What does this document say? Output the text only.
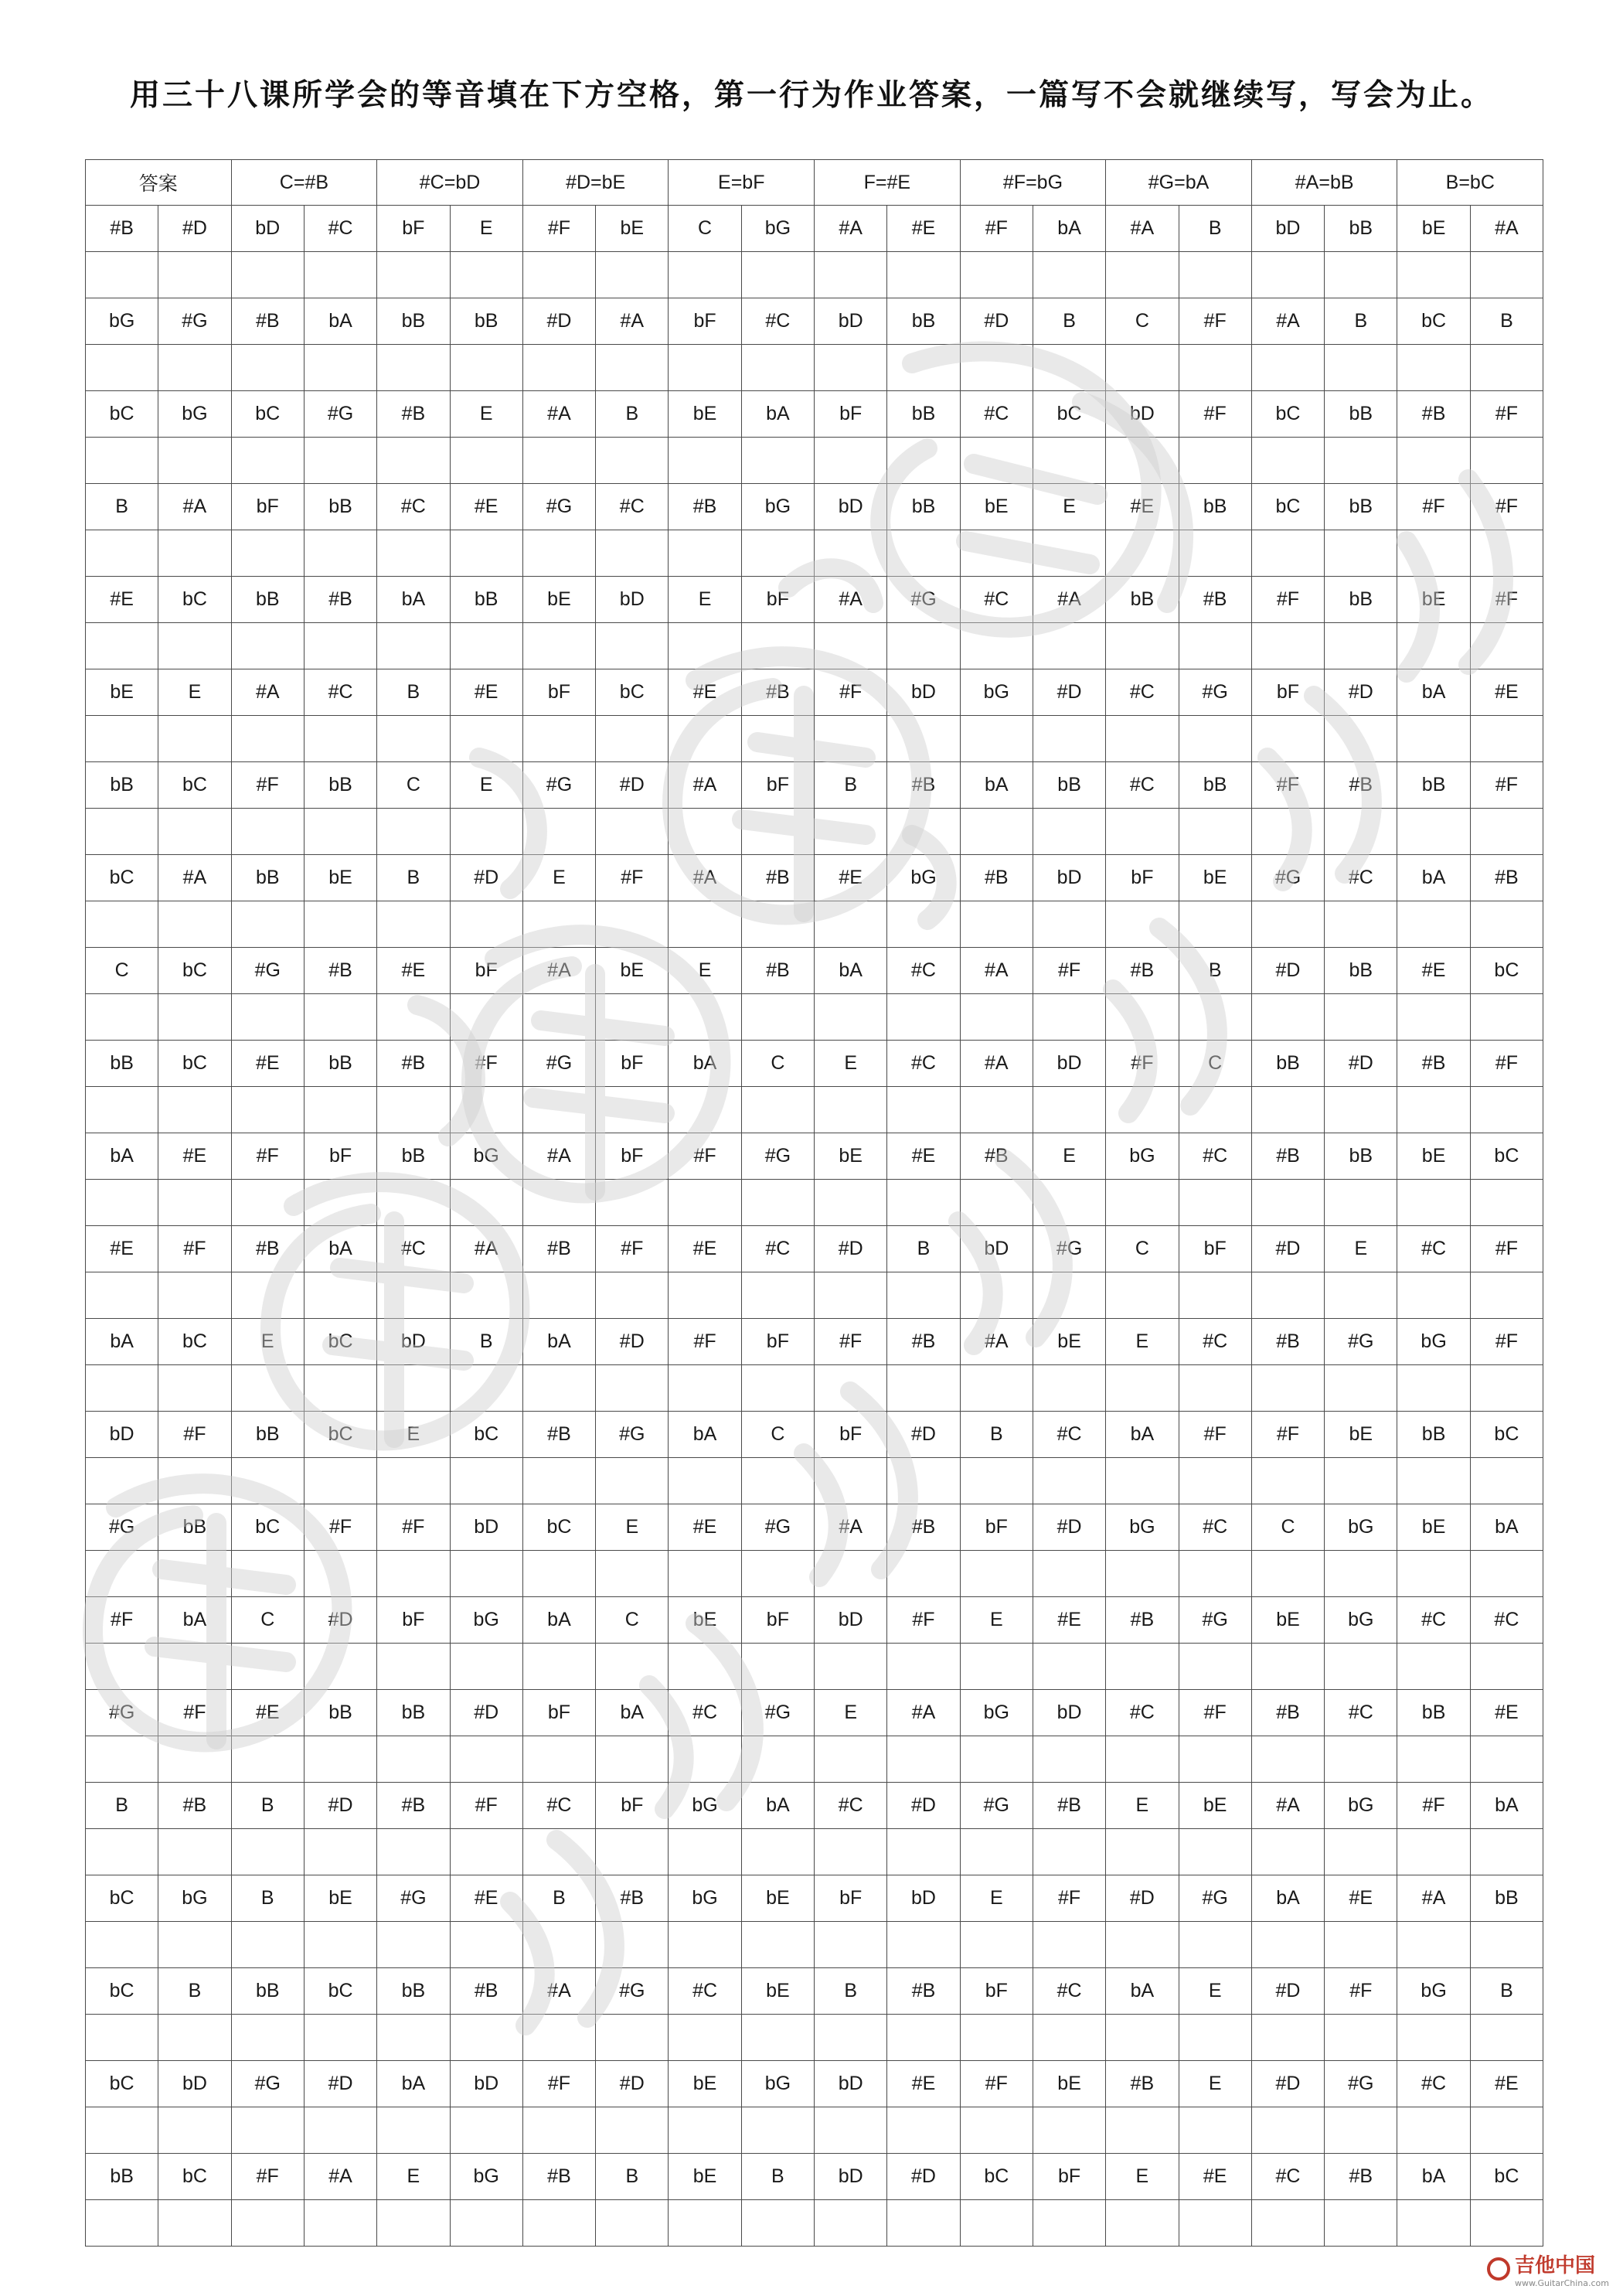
用三十八课所学会的等音填在下方空格，第一行为作业答案，一篇写不会就继续写，写会为止。
答案		C=#B		#C=bD		#D=bE		E=bF		F=#E		#F=bG		#G=bA		#A=bB		B=bC	
#B	#D	bD	#C	bF	E	#F	bE	C	bG	#A	#E	#F	bA	#A	B	bD	bB	bE	#A

bG	#G	#B	bA	bB	bB	#D	#A	bF	#C	bD	bB	#D	B	C	#F	#A	B	bC	B

bC	bG	bC	#G	#B	E	#A	B	bE	bA	bF	bB	#C	bC	bD	#F	bC	bB	#B	#F

B	#A	bF	bB	#C	#E	#G	#C	#B	bG	bD	bB	bE	E	#E	bB	bC	bB	#F	#F

#E	bC	bB	#B	bA	bB	bE	bD	E	bF	#A	#G	#C	#A	bB	#B	#F	bB	bE	#F

bE	E	#A	#C	B	#E	bF	bC	#E	#B	#F	bD	bG	#D	#C	#G	bF	#D	bA	#E

bB	bC	#F	bB	C	E	#G	#D	#A	bF	B	#B	bA	bB	#C	bB	#F	#B	bB	#F

bC	#A	bB	bE	B	#D	E	#F	#A	#B	#E	bG	#B	bD	bF	bE	#G	#C	bA	#B

C	bC	#G	#B	#E	bF	#A	bE	E	#B	bA	#C	#A	#F	#B	B	#D	bB	#E	bC

bB	bC	#E	bB	#B	#F	#G	bF	bA	C	E	#C	#A	bD	#F	C	bB	#D	#B	#F

bA	#E	#F	bF	bB	bG	#A	bF	#F	#G	bE	#E	#B	E	bG	#C	#B	bB	bE	bC

#E	#F	#B	bA	#C	#A	#B	#F	#E	#C	#D	B	bD	#G	C	bF	#D	E	#C	#F

bA	bC	E	bC	bD	B	bA	#D	#F	bF	#F	#B	#A	bE	E	#C	#B	#G	bG	#F

bD	#F	bB	bC	E	bC	#B	#G	bA	C	bF	#D	B	#C	bA	#F	#F	bE	bB	bC

#G	bB	bC	#F	#F	bD	bC	E	#E	#G	#A	#B	bF	#D	bG	#C	C	bG	bE	bA

#F	bA	C	#D	bF	bG	bA	C	bE	bF	bD	#F	E	#E	#B	#G	bE	bG	#C	#C

#G	#F	#E	bB	bB	#D	bF	bA	#C	#G	E	#A	bG	bD	#C	#F	#B	#C	bB	#E

B	#B	B	#D	#B	#F	#C	bF	bG	bA	#C	#D	#G	#B	E	bE	#A	bG	#F	bA

bC	bG	B	bE	#G	#E	B	#B	bG	bE	bF	bD	E	#F	#D	#G	bA	#E	#A	bB

bC	B	bB	bC	bB	#B	#A	#G	#C	bE	B	#B	bF	#C	bA	E	#D	#F	bG	B

bC	bD	#G	#D	bA	bD	#F	#D	bE	bG	bD	#E	#F	bE	#B	E	#D	#G	#C	#E

bB	bC	#F	#A	E	bG	#B	B	bE	B	bD	#D	bC	bF	E	#E	#C	#B	bA	bC

吉他中国
www.GuitarChina.com
